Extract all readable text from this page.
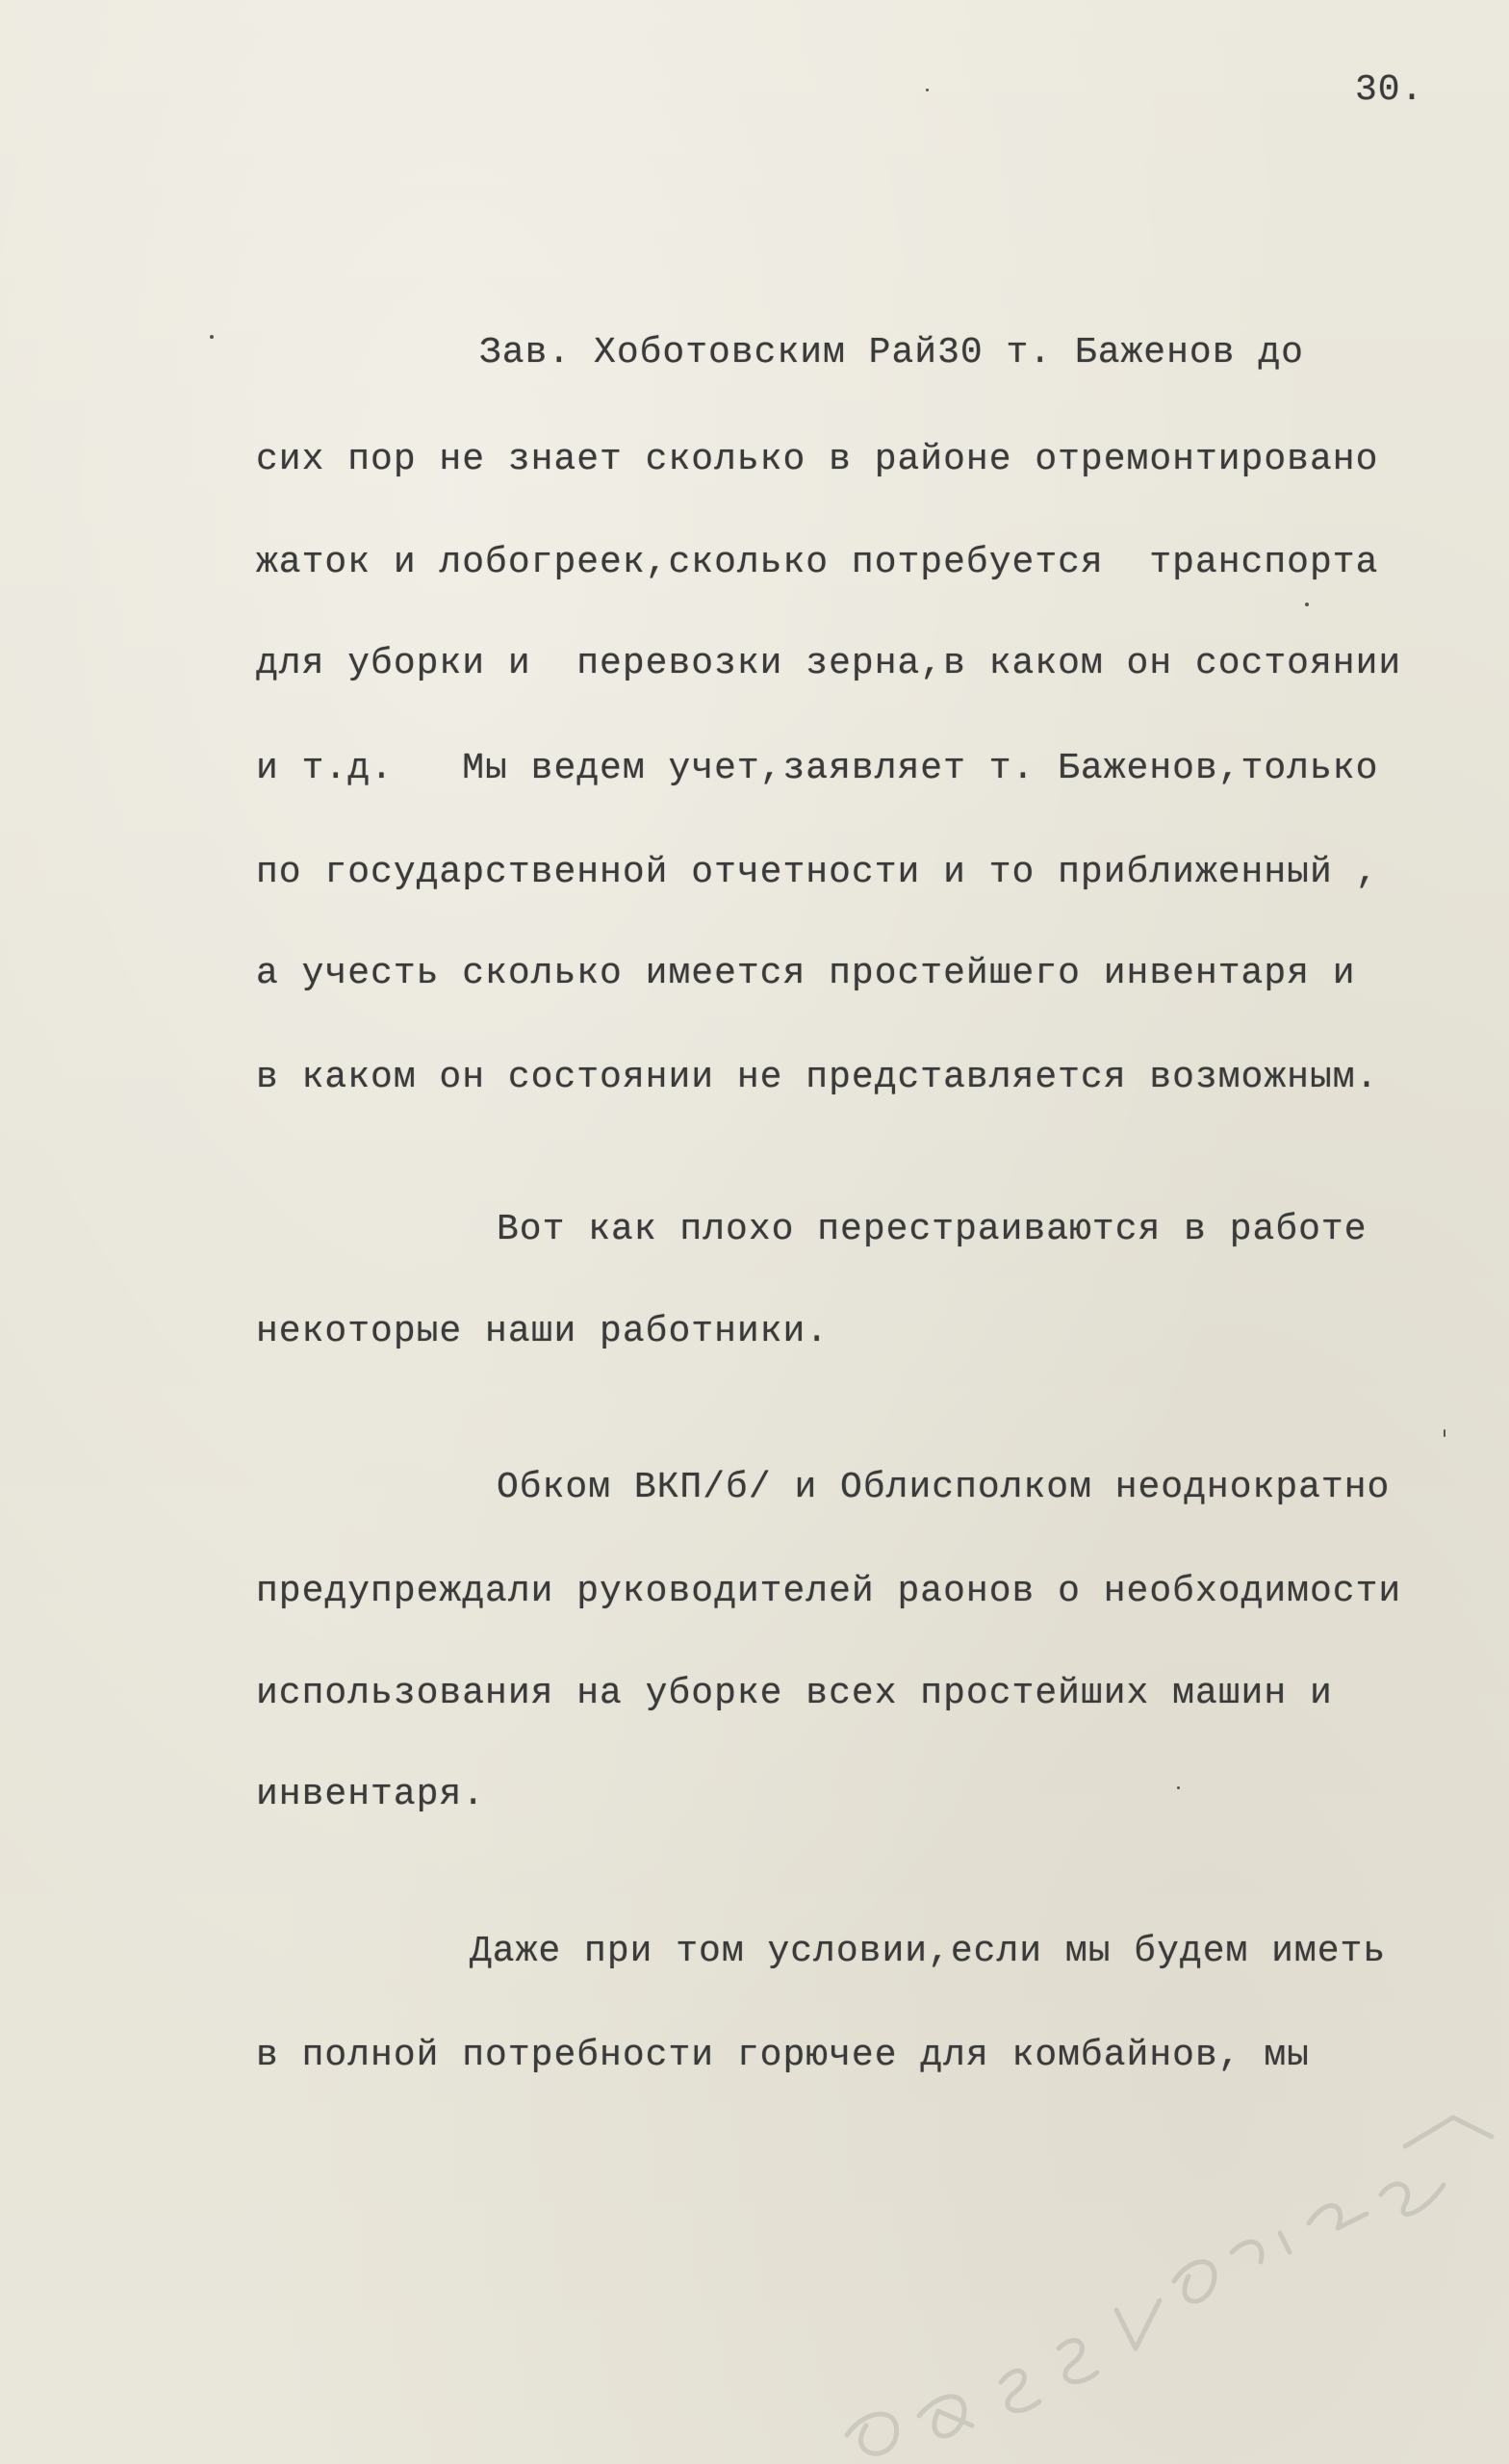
30.

Зав. Хоботовским Рай30 т. Баженов до

сих пор не знает сколько в районе отремонтировано

жаток и лобогреек,сколько потребуется  транспорта

для уборки и  перевозки зерна,в каком он состоянии

и т.д.   Мы ведем учет,заявляет т. Баженов,только

по государственной отчетности и то приближенный ,

а учесть сколько имеется простейшего инвентаря и

в каком он состоянии не представляется возможным.

Вот как плохо перестраиваются в работе

некоторые наши работники.

Обком ВКП/б/ и Облисполком неоднократно

предупреждали руководителей раонов о необходимости

использования на уборке всех простейших машин и

инвентаря.

Даже при том условии,если мы будем иметь

в полной потребности горючее для комбайнов, мы
